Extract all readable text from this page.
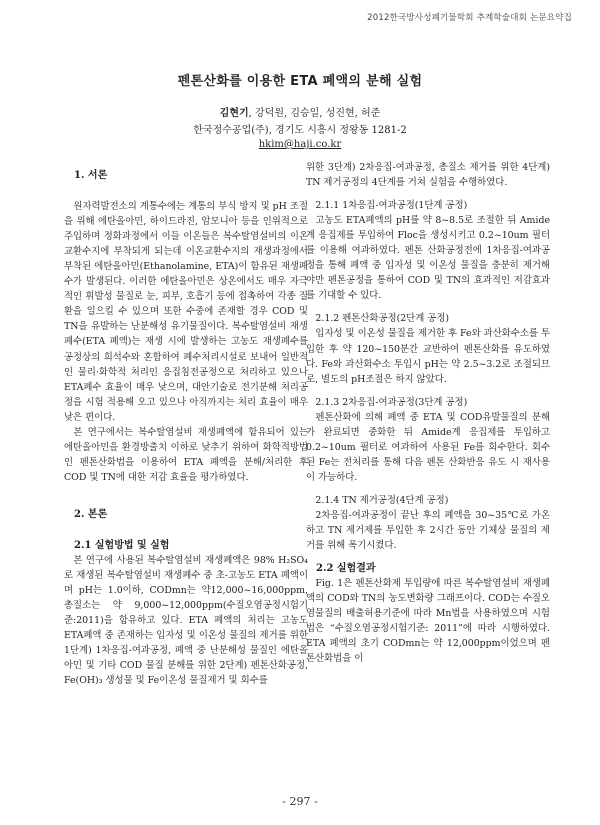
2012한국방사성폐기물학회 추계학술대회 논문요약집
펜톤산화를 이용한 ETA 폐액의 분해 실험
김현기, 강덕원, 김승일, 성진현, 허준
한국정수공업(주), 경기도 시흥시 정왕동 1281-2
hkim@haji.co.kr

1. 서론

원자력발전소의 계통수에는 계통의 부식 방지 및 pH 조절을 위해 에탄올아민, 하이드라진, 암모니아 등을 인위적으로 주입하며 정화과정에서 이들 이온들은 복수탈염설비의 이온교환수지에 부착되게 되는데 이온교환수지의 재생과정에서 부착된 에탄올아민(Ethanolamine, ETA)이 함유된 재생폐수가 발생된다. 이러한 에탄올아민은 상온에서도 매우 자극적인 휘발성 물질로 눈, 피부, 호흡기 등에 접촉하여 각종 질환을 일으킬 수 있으며 또한 수중에 존재할 경우 COD 및 TN을 유발하는 난분해성 유기물질이다. 복수탈염설비 재생폐수(ETA 폐액)는 재생 시에 발생하는 고농도 재생폐수를 공정상의 희석수와 혼합하여 폐수처리시설로 보내어 일반적인 물리·화학적 처리인 응집침전공정으로 처리하고 있으나 ETA폐수 효율이 매우 낮으며, 대안기술로 전기분해 처리공정을 시험 적용해 오고 있으나 아직까지는 처리 효율이 매우 낮은 편이다.

본 연구에서는 복수탈염설비 재생폐액에 함유되어 있는 에탄올아민을 환경방출치 이하로 낮추기 위하여 화학적방법인 펜톤산화법을 이용하여 ETA 폐액을 분해/처리한 후 COD 및 TN에 대한 저감 효율을 평가하였다.

2. 본론

2.1 실험방법 및 실험

본 연구에 사용된 복수탈염설비 재생폐액은 98% H₂SO₄로 재생된 복수탈염설비 재생폐수 중 초-고농도 ETA 폐액이며 pH는 1.0이하, CODmn는 약12,000~16,000ppm, 총질소는 약 9,000~12,000ppm(수질오염공정시험기준:2011)을 함유하고 있다. ETA 폐액의 처리는 고농도 ETA폐액 중 존재하는 입자성 및 이온성 물질의 제거를 위한 1단계) 1차응집-여과공정, 폐액 중 난분해성 물질인 에탄올아민 및 기타 COD 물질 분해를 위한 2단계) 펜톤산화공정, Fe(OH)₃ 생성물 및 Fe이온성 물질제거 및 회수를

위한 3단계) 2차응집-여과공정, 총질소 제거를 위한 4단계) TN 제거공정의 4단계를 거쳐 실험을 수행하였다.

2.1.1 1차응집-여과공정(1단계 공정)

고농도 ETA폐액의 pH를 약 8~8.5로 조절한 뒤 Amide계 응집제를 투입하여 Floc을 생성시키고 0.2~10um 필터를 이용해 여과하였다. 펜톤 산화공정전에 1차응집-여과공정을 통해 폐액 중 입자성 및 이온성 물질을 충분히 제거해야만 펜톤공정을 통하여 COD 및 TN의 효과적인 저감효과를 기대할 수 있다.

2.1.2 펜톤산화공정(2단계 공정)

입자성 및 이온성 물질을 제거한 후 Fe와 과산화수소를 투입한 후 약 120~150분간 교반하여 펜톤산화를 유도하였다. Fe와 과산화수소 투입시 pH는 약 2.5~3.2로 조절되므로, 별도의 pH조절은 하지 않았다.

2.1.3 2차응집-여과공정(3단계 공정)

펜톤산화에 의해 폐액 중 ETA 및 COD유발물질의 분해가 완료되면 중화한 뒤 Amide계 응집제를 투입하고 0.2~10um 필터로 여과하여 사용된 Fe를 회수한다. 회수된 Fe는 전처리를 통해 다음 펜톤 산화반응 유도 시 재사용이 가능하다.

2.1.4 TN 제거공정(4단계 공정)

2차응집-여과공정이 끝난 후의 폐액을 30~35℃로 가온하고 TN 제거제를 투입한 후 2시간 동안 기체상 물질의 제거를 위해 폭기시켰다.

2.2 실험결과

Fig. 1은 펜톤산화제 투입량에 따른 복수탈염설비 재생폐액의 COD와 TN의 농도변화량 그래프이다. COD는 수질오염물질의 배출허용기준에 따라 Mn법을 사용하였으며 시험법은 “수질오염공정시험기준: 2011”에 따라 시행하였다. ETA 폐액의 초기 CODmn는 약 12,000ppm이었으며 펜톤산화법을 이

- 297 -
